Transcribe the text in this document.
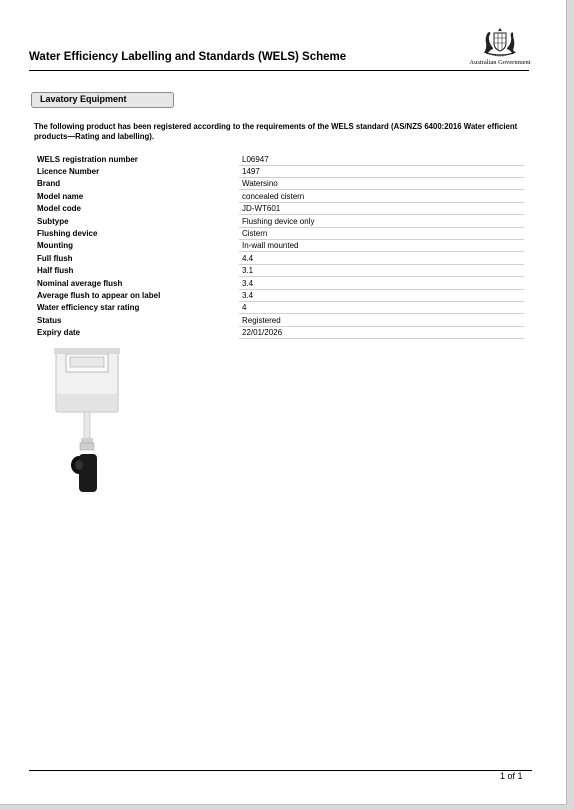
Water Efficiency Labelling and Standards (WELS) Scheme	Australian Government
Lavatory Equipment
The following product has been registered according to the requirements of the WELS standard (AS/NZS 6400:2016 Water efficient products—Rating and labelling).
WELS registration number	L06947
Licence Number	1497
Brand	Watersino
Model name	concealed cistern
Model code	JD-WT601
Subtype	Flushing device only
Flushing device	Cistern
Mounting	In-wall mounted
Full flush	4.4
Half flush	3.1
Nominal average flush	3.4
Average flush to appear on label	3.4
Water efficiency star rating	4
Status	Registered
Expiry date	22/01/2026
1 of 1
